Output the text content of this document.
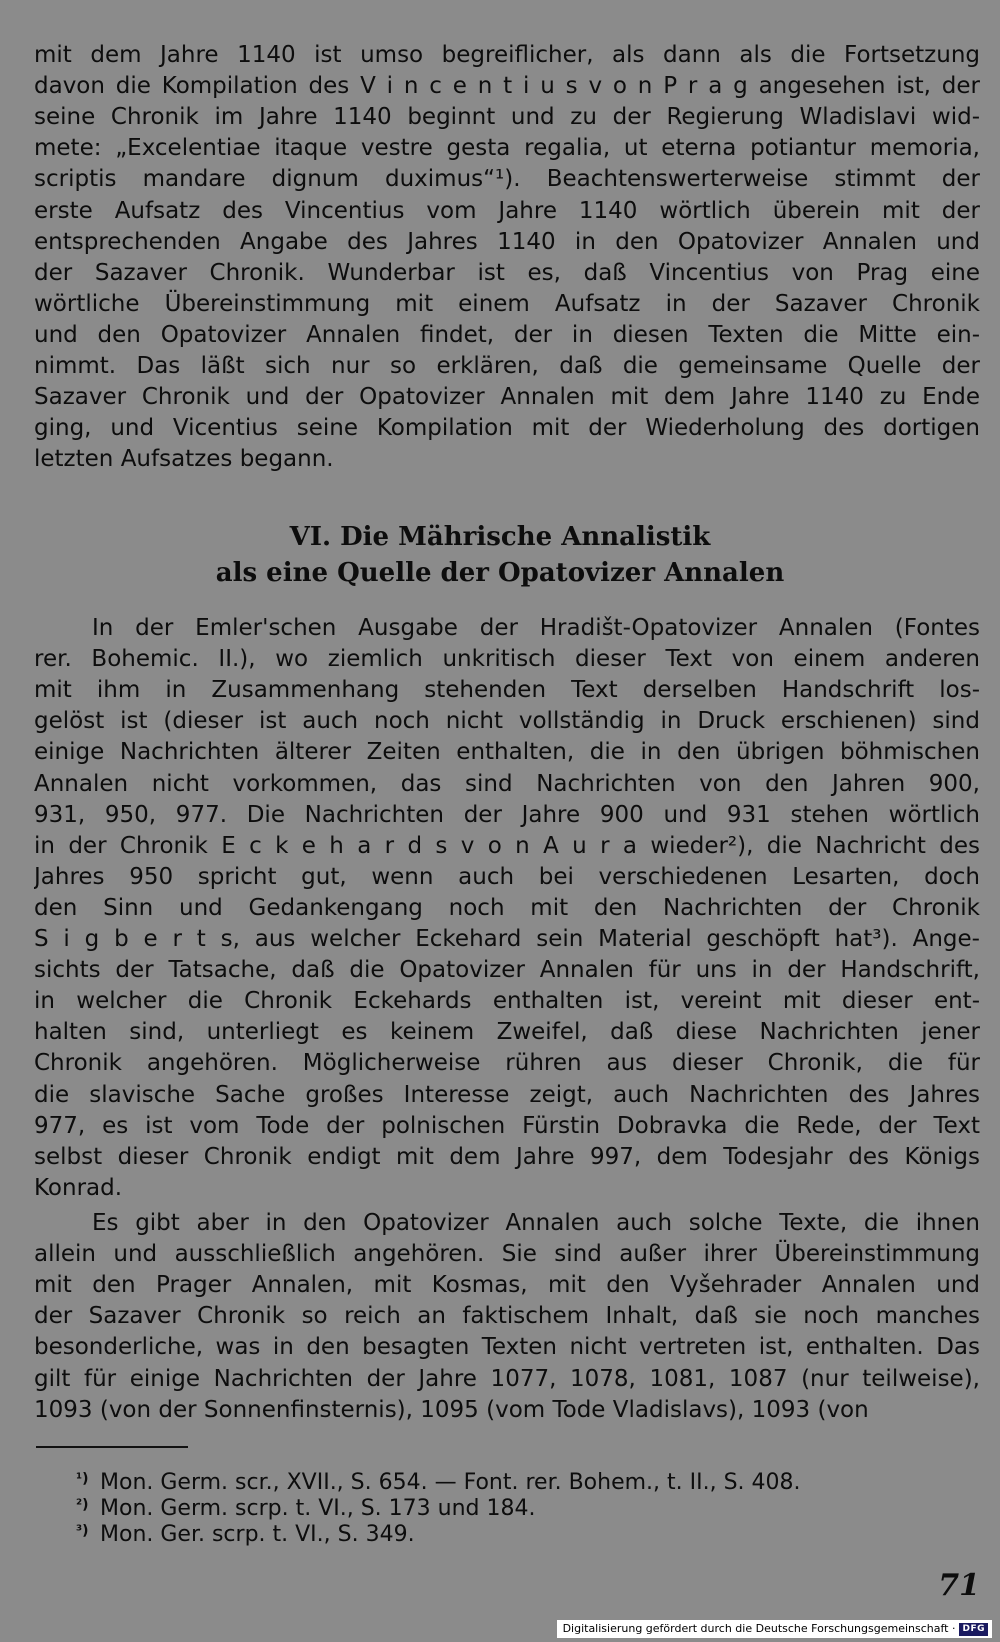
mit dem Jahre 1140 ist umso begreiflicher, als dann als die Fortsetzung
davon die Kompilation des V i n c e n t i u s v o n P r a g angesehen ist, der
seine Chronik im Jahre 1140 beginnt und zu der Regierung Wladislavi wid-
mete: „Excelentiae itaque vestre gesta regalia, ut eterna potiantur memoria,
scriptis mandare dignum duximus“¹). Beachtenswerterweise stimmt der
erste Aufsatz des Vincentius vom Jahre 1140 wörtlich überein mit der
entsprechenden Angabe des Jahres 1140 in den Opatovizer Annalen und
der Sazaver Chronik. Wunderbar ist es, daß Vincentius von Prag eine
wörtliche Übereinstimmung mit einem Aufsatz in der Sazaver Chronik
und den Opatovizer Annalen findet, der in diesen Texten die Mitte ein-
nimmt. Das läßt sich nur so erklären, daß die gemeinsame Quelle der
Sazaver Chronik und der Opatovizer Annalen mit dem Jahre 1140 zu Ende
ging, und Vicentius seine Kompilation mit der Wiederholung des dortigen
letzten Aufsatzes begann.
VI. Die Mährische Annalistik
als eine Quelle der Opatovizer Annalen
In der Emler'schen Ausgabe der Hradišt-Opatovizer Annalen (Fontes
rer. Bohemic. II.), wo ziemlich unkritisch dieser Text von einem anderen
mit ihm in Zusammenhang stehenden Text derselben Handschrift los-
gelöst ist (dieser ist auch noch nicht vollständig in Druck erschienen) sind
einige Nachrichten älterer Zeiten enthalten, die in den übrigen böhmischen
Annalen nicht vorkommen, das sind Nachrichten von den Jahren 900,
931, 950, 977. Die Nachrichten der Jahre 900 und 931 stehen wörtlich
in der Chronik E c k e h a r d s v o n A u r a wieder²), die Nachricht des
Jahres 950 spricht gut, wenn auch bei verschiedenen Lesarten, doch
den Sinn und Gedankengang noch mit den Nachrichten der Chronik
S i g b e r t s, aus welcher Eckehard sein Material geschöpft hat³). Ange-
sichts der Tatsache, daß die Opatovizer Annalen für uns in der Handschrift,
in welcher die Chronik Eckehards enthalten ist, vereint mit dieser ent-
halten sind, unterliegt es keinem Zweifel, daß diese Nachrichten jener
Chronik angehören. Möglicherweise rühren aus dieser Chronik, die für
die slavische Sache großes Interesse zeigt, auch Nachrichten des Jahres
977, es ist vom Tode der polnischen Fürstin Dobravka die Rede, der Text
selbst dieser Chronik endigt mit dem Jahre 997, dem Todesjahr des Königs
Konrad.
Es gibt aber in den Opatovizer Annalen auch solche Texte, die ihnen
allein und ausschließlich angehören. Sie sind außer ihrer Übereinstimmung
mit den Prager Annalen, mit Kosmas, mit den Vyšehrader Annalen und
der Sazaver Chronik so reich an faktischem Inhalt, daß sie noch manches
besonderliche, was in den besagten Texten nicht vertreten ist, enthalten. Das
gilt für einige Nachrichten der Jahre 1077, 1078, 1081, 1087 (nur teilweise),
1093 (von der Sonnenfinsternis), 1095 (vom Tode Vladislavs), 1093 (von
¹) Mon. Germ. scr., XVII., S. 654. — Font. rer. Bohem., t. II., S. 408.
²) Mon. Germ. scrp. t. VI., S. 173 und 184.
³) Mon. Ger. scrp. t. VI., S. 349.
71
Digitalisierung gefördert durch die Deutsche Forschungsgemeinschaft · DFG
